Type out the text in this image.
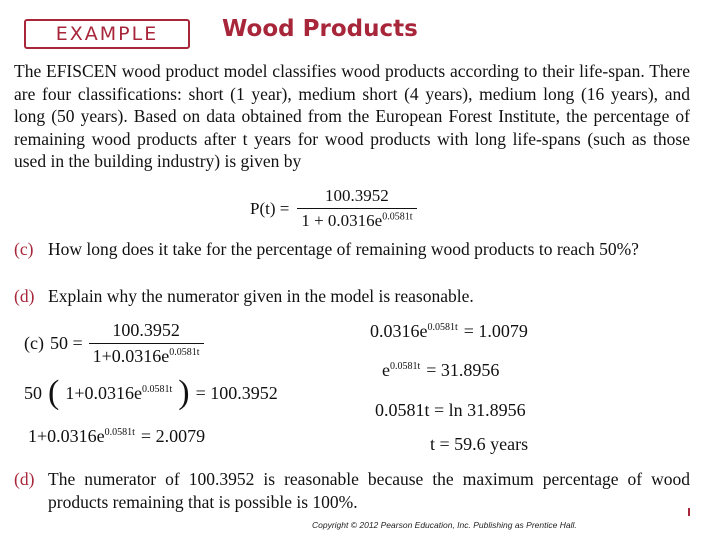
EXAMPLE	Wood Products
The EFISCEN wood product model classifies wood products according to their life-span. There are four classifications: short (1 year), medium short (4 years), medium long (16 years), and long (50 years). Based on data obtained from the European Forest Institute, the percentage of remaining wood products after t years for wood products with long life-spans (such as those used in the building industry) is given by
$P(t) = \frac{100.3952}{1 + 0.0316e^{0.0581t}}$
(c) How long does it take for the percentage of remaining wood products to reach 50%?
(d) Explain why the numerator given in the model is reasonable.
(c) $50 = \frac{100.3952}{1+0.0316e^{0.0581t}}$
50 ( $1+0.0316e^{0.0581t}$ ) = 100.3952
$1+0.0316e^{0.0581t} = 2.0079$
$0.0316e^{0.0581t} = 1.0079$
$e^{0.0581t} = 31.8956$
0.0581t = ln 31.8956
t = 59.6 years
(d) The numerator of 100.3952 is reasonable because the maximum percentage of wood products remaining that is possible is 100%.
Copyright © 2012 Pearson Education, Inc. Publishing as Prentice Hall.
